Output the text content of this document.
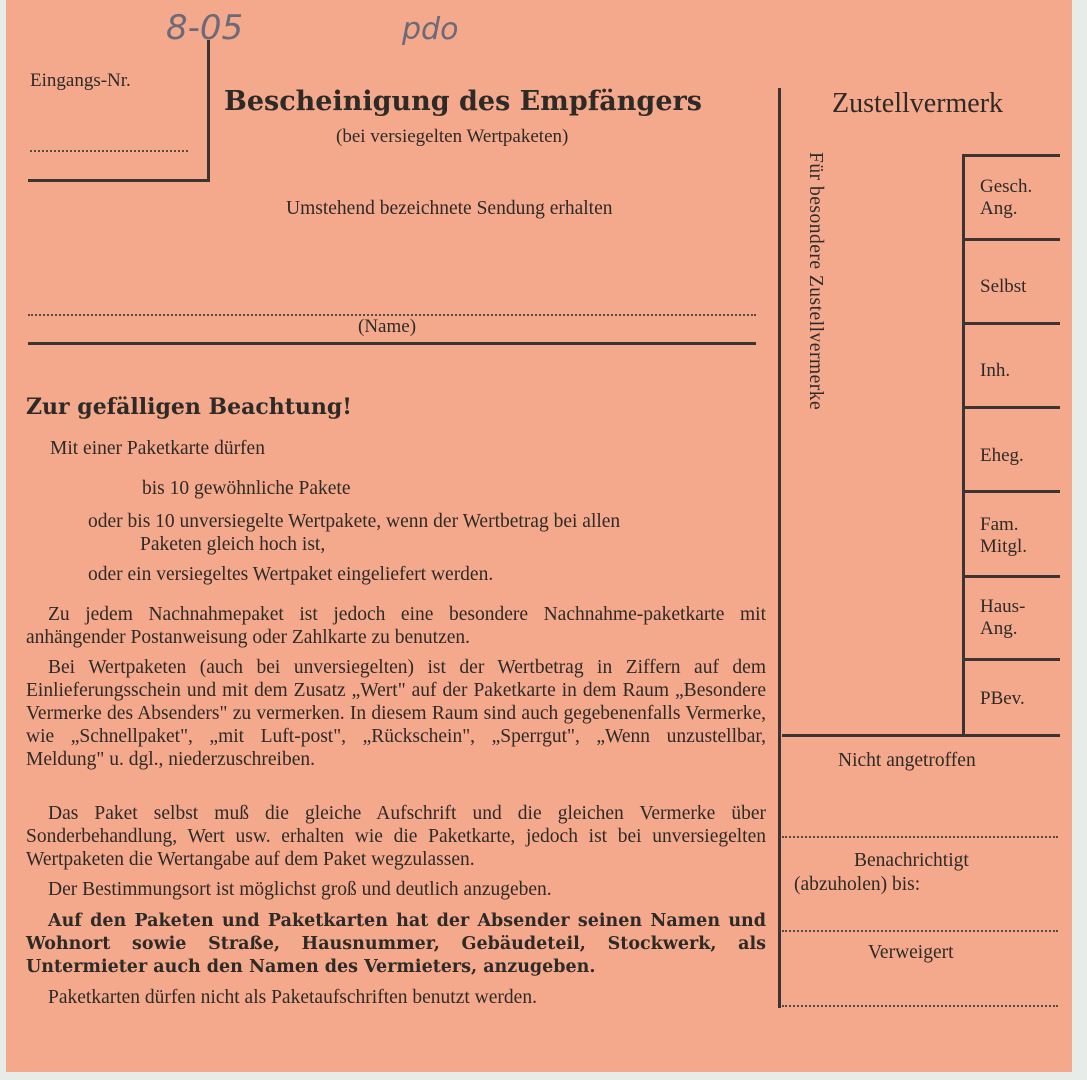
8-05	pdo
Eingangs-Nr.
Bescheinigung des Empfängers
(bei versiegelten Wertpaketen)
Umstehend bezeichnete Sendung erhalten
(Name)
Zustellvermerk
Für besondere Zustellvermerke	Gesch.
Ang.
Selbst
Inh.
Eheg.
Fam.
Mitgl.
Haus-
Ang.
PBev.
Nicht angetroffen
Benachrichtigt
(abzuholen) bis:
Verweigert
Zur gefälligen Beachtung!
Mit einer Paketkarte dürfen
bis 10 gewöhnliche Pakete
oder bis 10 unversiegelte Wertpakete, wenn der Wertbetrag bei allen
Paketen gleich hoch ist,
oder ein versiegeltes Wertpaket eingeliefert werden.
Zu jedem Nachnahmepaket ist jedoch eine besondere Nachnahme-paketkarte mit anhängender Postanweisung oder Zahlkarte zu benutzen.
Bei Wertpaketen (auch bei unversiegelten) ist der Wertbetrag in Ziffern auf dem Einlieferungsschein und mit dem Zusatz „Wert" auf der Paketkarte in dem Raum „Besondere Vermerke des Absenders" zu vermerken. In diesem Raum sind auch gegebenenfalls Vermerke, wie „Schnellpaket", „mit Luft-post", „Rückschein", „Sperrgut", „Wenn unzustellbar, Meldung" u. dgl., niederzuschreiben.
Das Paket selbst muß die gleiche Aufschrift und die gleichen Vermerke über Sonderbehandlung, Wert usw. erhalten wie die Paketkarte, jedoch ist bei unversiegelten Wertpaketen die Wertangabe auf dem Paket wegzulassen.
Der Bestimmungsort ist möglichst groß und deutlich anzugeben.
Auf den Paketen und Paketkarten hat der Absender seinen Namen und Wohnort sowie Straße, Hausnummer, Gebäudeteil, Stockwerk, als Untermieter auch den Namen des Vermieters, anzugeben.
Paketkarten dürfen nicht als Paketaufschriften benutzt werden.
